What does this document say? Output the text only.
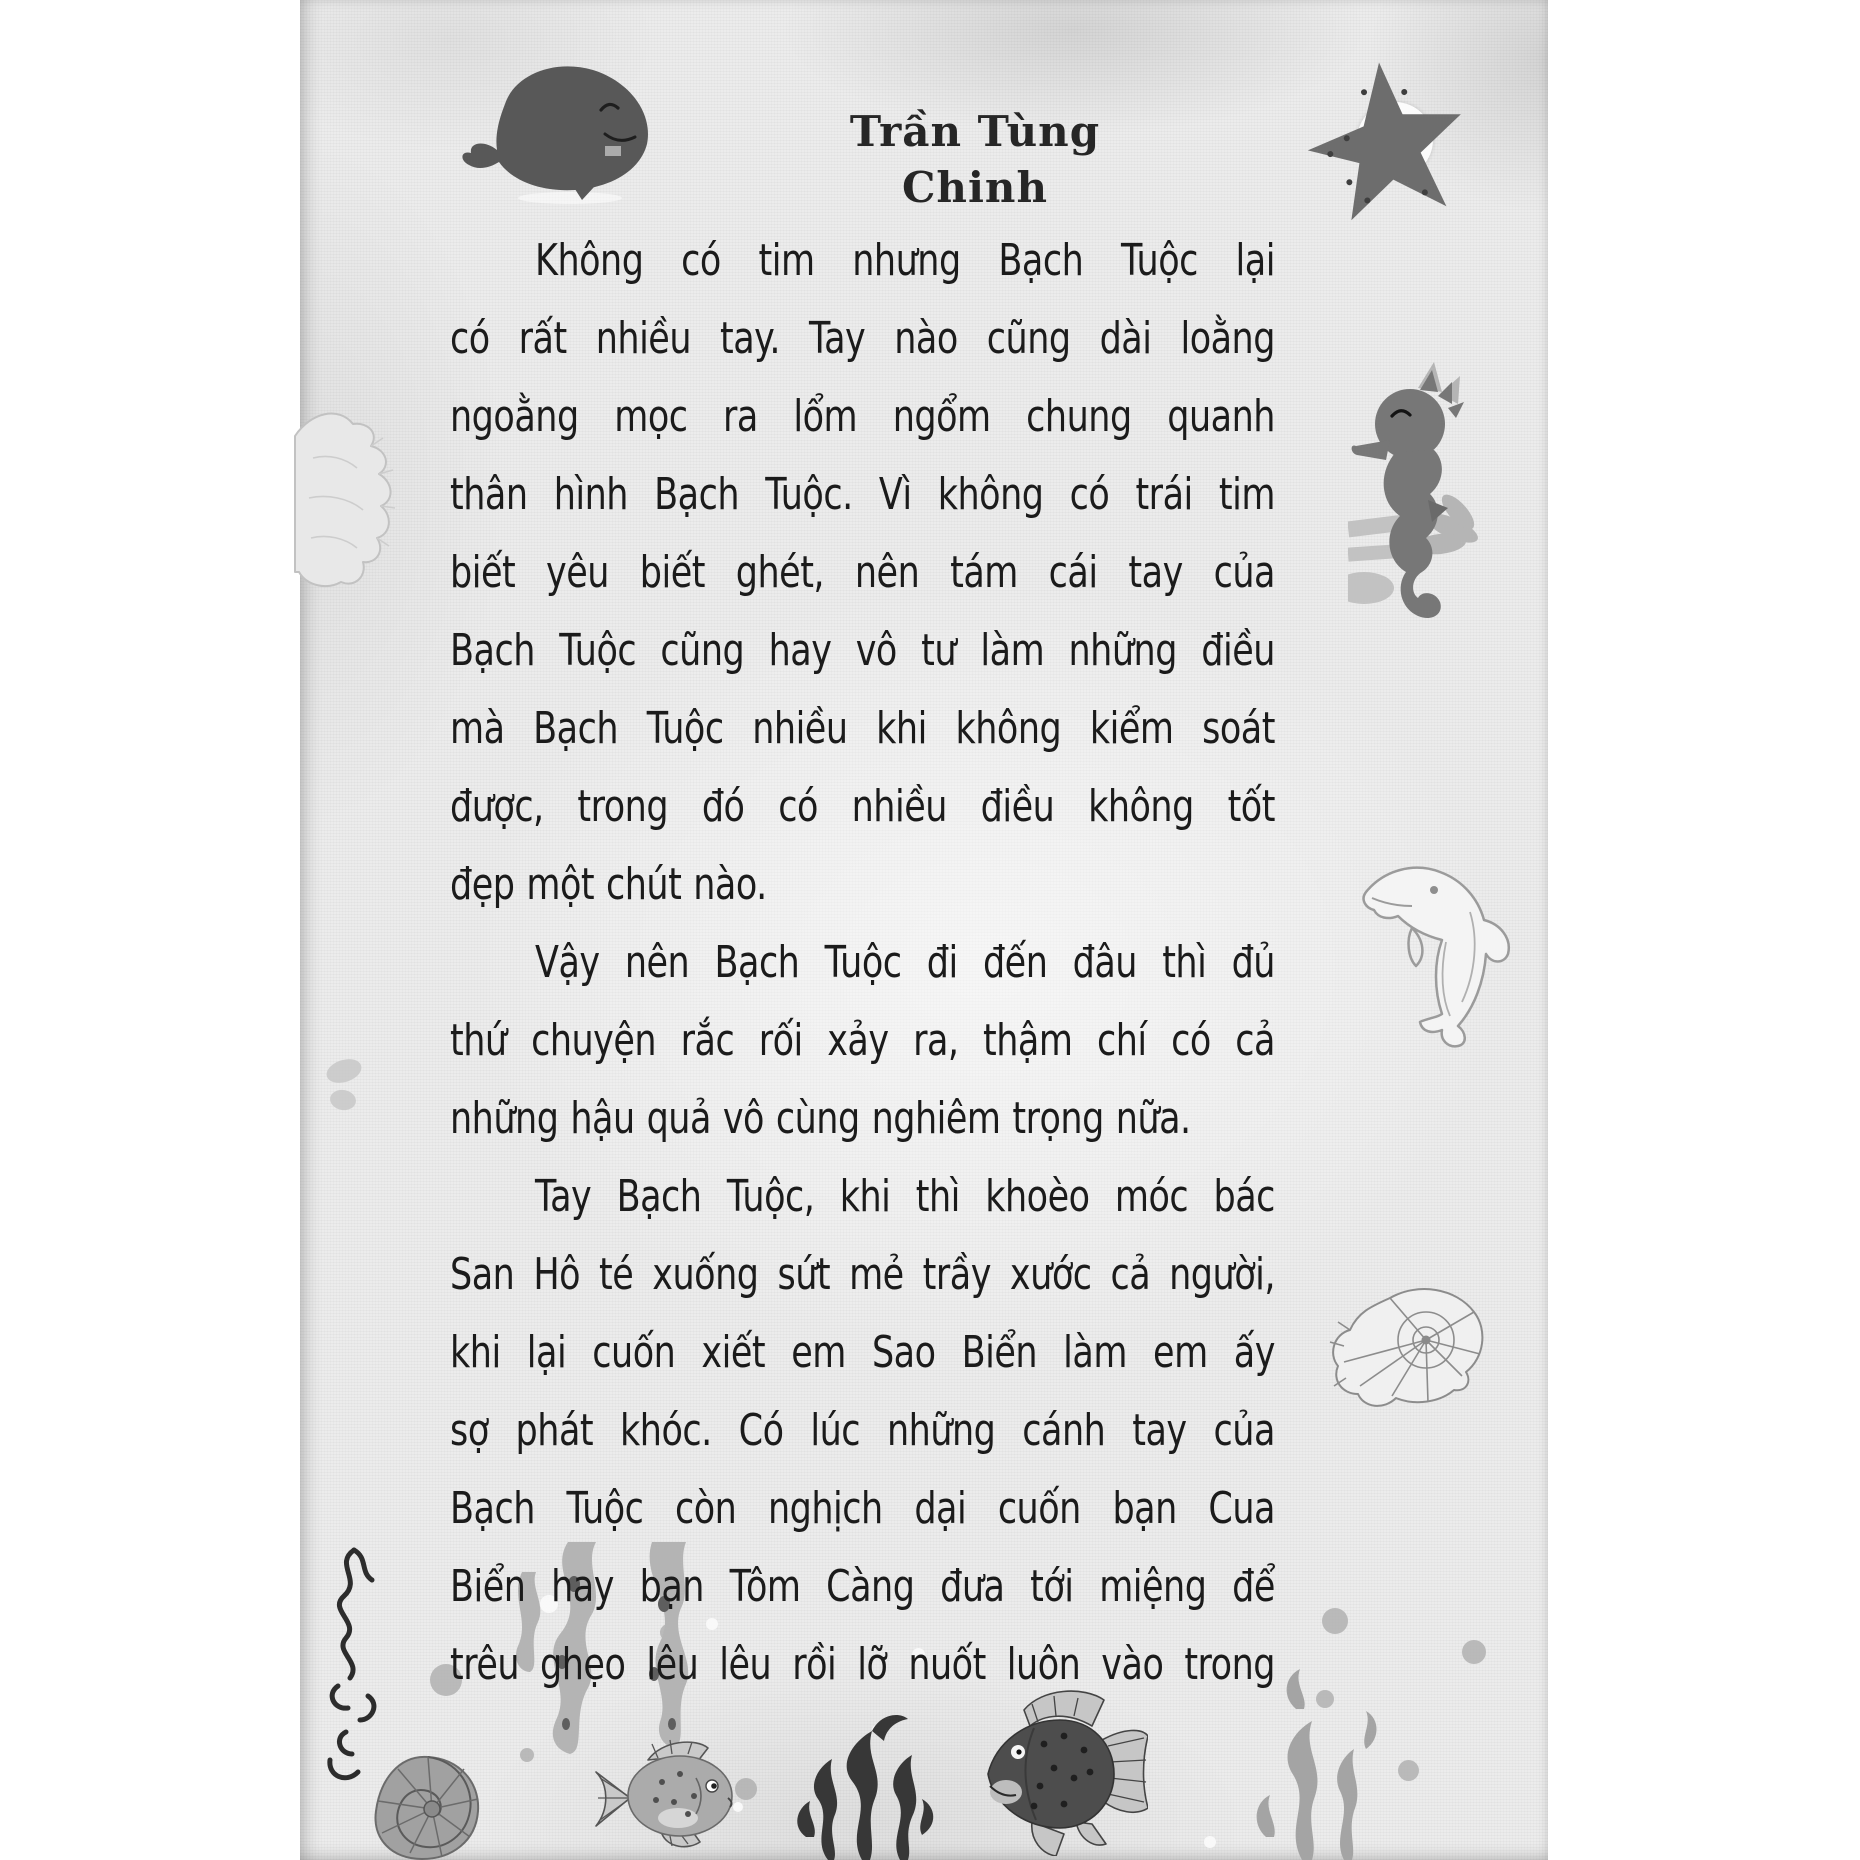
Trần Tùng Chinh
Không có tim nhưng Bạch Tuộc lại
có rất nhiều tay. Tay nào cũng dài loằng
ngoằng mọc ra lổm ngổm chung quanh
thân hình Bạch Tuộc. Vì không có trái tim
biết yêu biết ghét, nên tám cái tay của
Bạch Tuộc cũng hay vô tư làm những điều
mà Bạch Tuộc nhiều khi không kiểm soát
được, trong đó có nhiều điều không tốt
đẹp một chút nào.
Vậy nên Bạch Tuộc đi đến đâu thì đủ
thứ chuyện rắc rối xảy ra, thậm chí có cả
những hậu quả vô cùng nghiêm trọng nữa.
Tay Bạch Tuộc, khi thì khoèo móc bác
San Hô té xuống sứt mẻ trầy xước cả người,
khi lại cuốn xiết em Sao Biển làm em ấy
sợ phát khóc. Có lúc những cánh tay của
Bạch Tuộc còn nghịch dại cuốn bạn Cua
Biển hay bạn Tôm Càng đưa tới miệng để
trêu ghẹo lêu lêu rồi lỡ nuốt luôn vào trong
